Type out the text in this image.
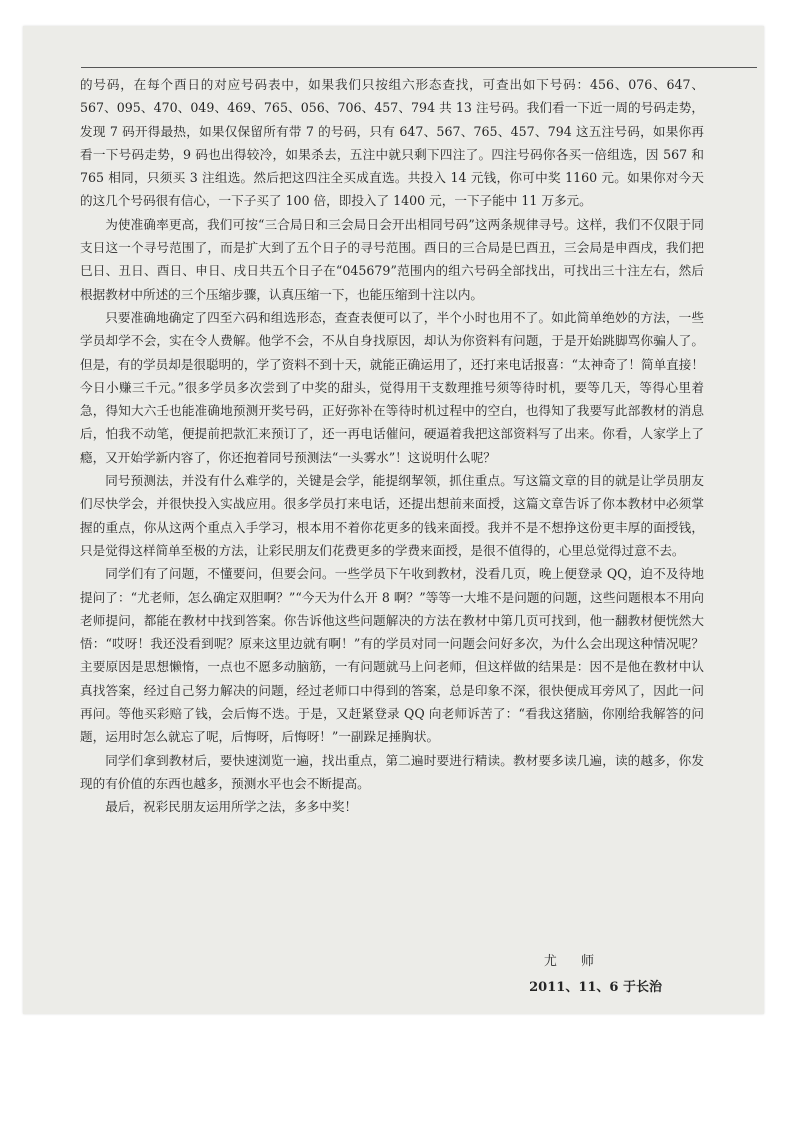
的号码，在每个酉日的对应号码表中，如果我们只按组六形态查找，可查出如下号码：456、076、647、567、095、470、049、469、765、056、706、457、794 共 13 注号码。我们看一下近一周的号码走势，发现 7 码开得最热，如果仅保留所有带 7 的号码，只有 647、567、765、457、794 这五注号码，如果你再看一下号码走势，9 码也出得较冷，如果杀去，五注中就只剩下四注了。四注号码你各买一倍组选，因 567 和 765 相同，只须买 3 注组选。然后把这四注全买成直选。共投入 14 元钱，你可中奖 1160 元。如果你对今天的这几个号码很有信心，一下子买了 100 倍，即投入了 1400 元，一下子能中 11 万多元。

为使准确率更高，我们可按“三合局日和三会局日会开出相同号码”这两条规律寻号。这样，我们不仅限于同支日这一个寻号范围了，而是扩大到了五个日子的寻号范围。酉日的三合局是巳酉丑，三会局是申酉戌，我们把巳日、丑日、酉日、申日、戌日共五个日子在“045679”范围内的组六号码全部找出，可找出三十注左右，然后根据教材中所述的三个压缩步骤，认真压缩一下，也能压缩到十注以内。

只要准确地确定了四至六码和组选形态，查查表便可以了，半个小时也用不了。如此简单绝妙的方法，一些学员却学不会，实在令人费解。他学不会，不从自身找原因，却认为你资料有问题，于是开始跳脚骂你骗人了。但是，有的学员却是很聪明的，学了资料不到十天，就能正确运用了，还打来电话报喜：“太神奇了！简单直接！今日小赚三千元。”很多学员多次尝到了中奖的甜头，觉得用干支数理推号须等待时机，要等几天，等得心里着急，得知大六壬也能准确地预测开奖号码，正好弥补在等待时机过程中的空白，也得知了我要写此部教材的消息后，怕我不动笔，便提前把款汇来预订了，还一再电话催问，硬逼着我把这部资料写了出来。你看，人家学上了瘾，又开始学新内容了，你还抱着同号预测法“一头雾水”！这说明什么呢？

同号预测法，并没有什么难学的，关键是会学，能提纲挈领，抓住重点。写这篇文章的目的就是让学员朋友们尽快学会，并很快投入实战应用。很多学员打来电话，还提出想前来面授，这篇文章告诉了你本教材中必须掌握的重点，你从这两个重点入手学习，根本用不着你花更多的钱来面授。我并不是不想挣这份更丰厚的面授钱，只是觉得这样简单至极的方法，让彩民朋友们花费更多的学费来面授，是很不值得的，心里总觉得过意不去。

同学们有了问题，不懂要问，但要会问。一些学员下午收到教材，没看几页，晚上便登录 QQ，迫不及待地提问了：“尤老师，怎么确定双胆啊？”“今天为什么开 8 啊？”等等一大堆不是问题的问题，这些问题根本不用向老师提问，都能在教材中找到答案。你告诉他这些问题解决的方法在教材中第几页可找到，他一翻教材便恍然大悟：“哎呀！我还没看到呢？原来这里边就有啊！”有的学员对同一问题会问好多次，为什么会出现这种情况呢？主要原因是思想懒惰，一点也不愿多动脑筋，一有问题就马上问老师，但这样做的结果是：因不是他在教材中认真找答案，经过自己努力解决的问题，经过老师口中得到的答案，总是印象不深，很快便成耳旁风了，因此一问再问。等他买彩赔了钱，会后悔不迭。于是，又赶紧登录 QQ 向老师诉苦了：“看我这猪脑，你刚给我解答的问题，运用时怎么就忘了呢，后悔呀，后悔呀！”一副跺足捶胸状。

同学们拿到教材后，要快速浏览一遍，找出重点，第二遍时要进行精读。教材要多读几遍，读的越多，你发现的有价值的东西也越多，预测水平也会不断提高。

最后，祝彩民朋友运用所学之法，多多中奖！

尤 师
2011、11、6 于长治
